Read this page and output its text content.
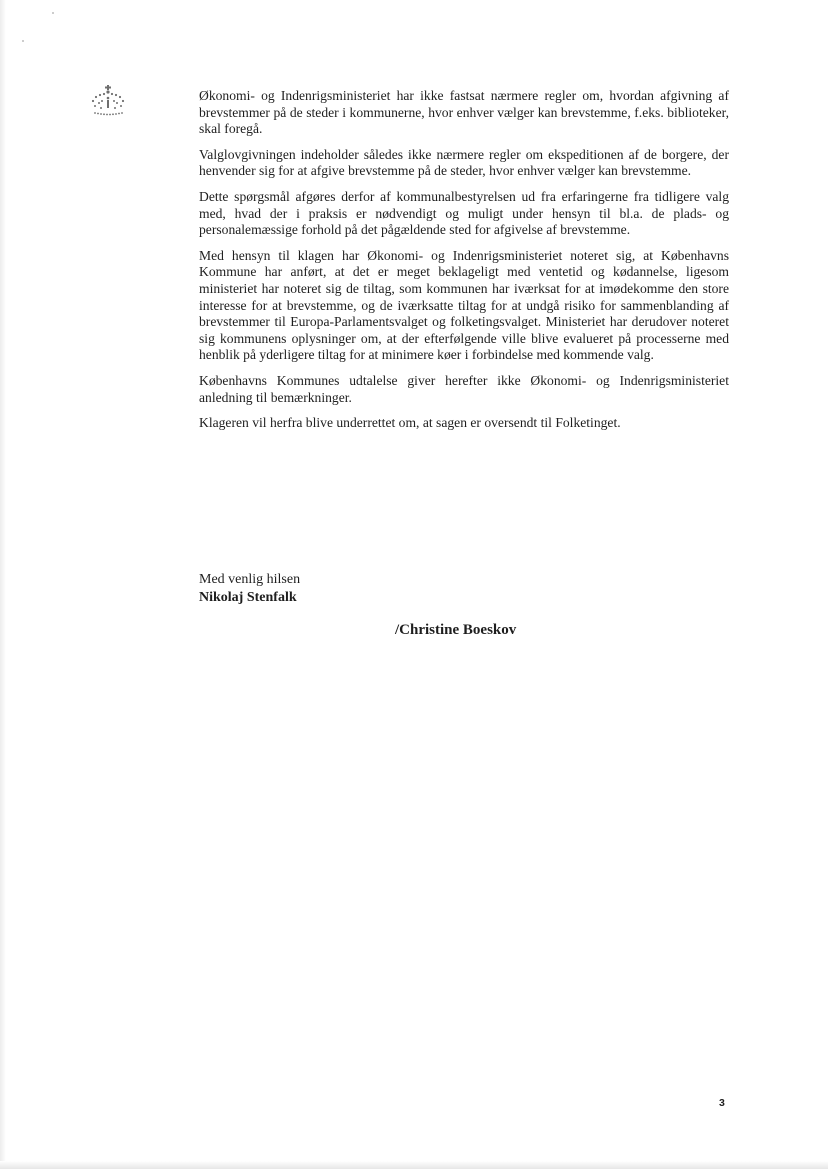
Økonomi- og Indenrigsministeriet har ikke fastsat nærmere regler om, hvordan afgivning af brevstemmer på de steder i kommunerne, hvor enhver vælger kan brevstemme, f.eks. biblioteker, skal foregå.

Valglovgivningen indeholder således ikke nærmere regler om ekspeditionen af de borgere, der henvender sig for at afgive brevstemme på de steder, hvor enhver vælger kan brevstemme.

Dette spørgsmål afgøres derfor af kommunalbestyrelsen ud fra erfaringerne fra tidligere valg med, hvad der i praksis er nødvendigt og muligt under hensyn til bl.a. de plads- og personalemæssige forhold på det pågældende sted for afgivelse af brevstemme.

Med hensyn til klagen har Økonomi- og Indenrigsministeriet noteret sig, at Københavns Kommune har anført, at det er meget beklageligt med ventetid og kødannelse, ligesom ministeriet har noteret sig de tiltag, som kommunen har iværksat for at imødekomme den store interesse for at brevstemme, og de iværksatte tiltag for at undgå risiko for sammenblanding af brevstemmer til Europa-Parlamentsvalget og folketingsvalget. Ministeriet har derudover noteret sig kommunens oplysninger om, at der efterfølgende ville blive evalueret på processerne med henblik på yderligere tiltag for at minimere køer i forbindelse med kommende valg.

Københavns Kommunes udtalelse giver herefter ikke Økonomi- og Indenrigsministeriet anledning til bemærkninger.

Klageren vil herfra blive underrettet om, at sagen er oversendt til Folketinget.

Med venlig hilsen
Nikolaj Stenfalk
/Christine Boeskov
3
